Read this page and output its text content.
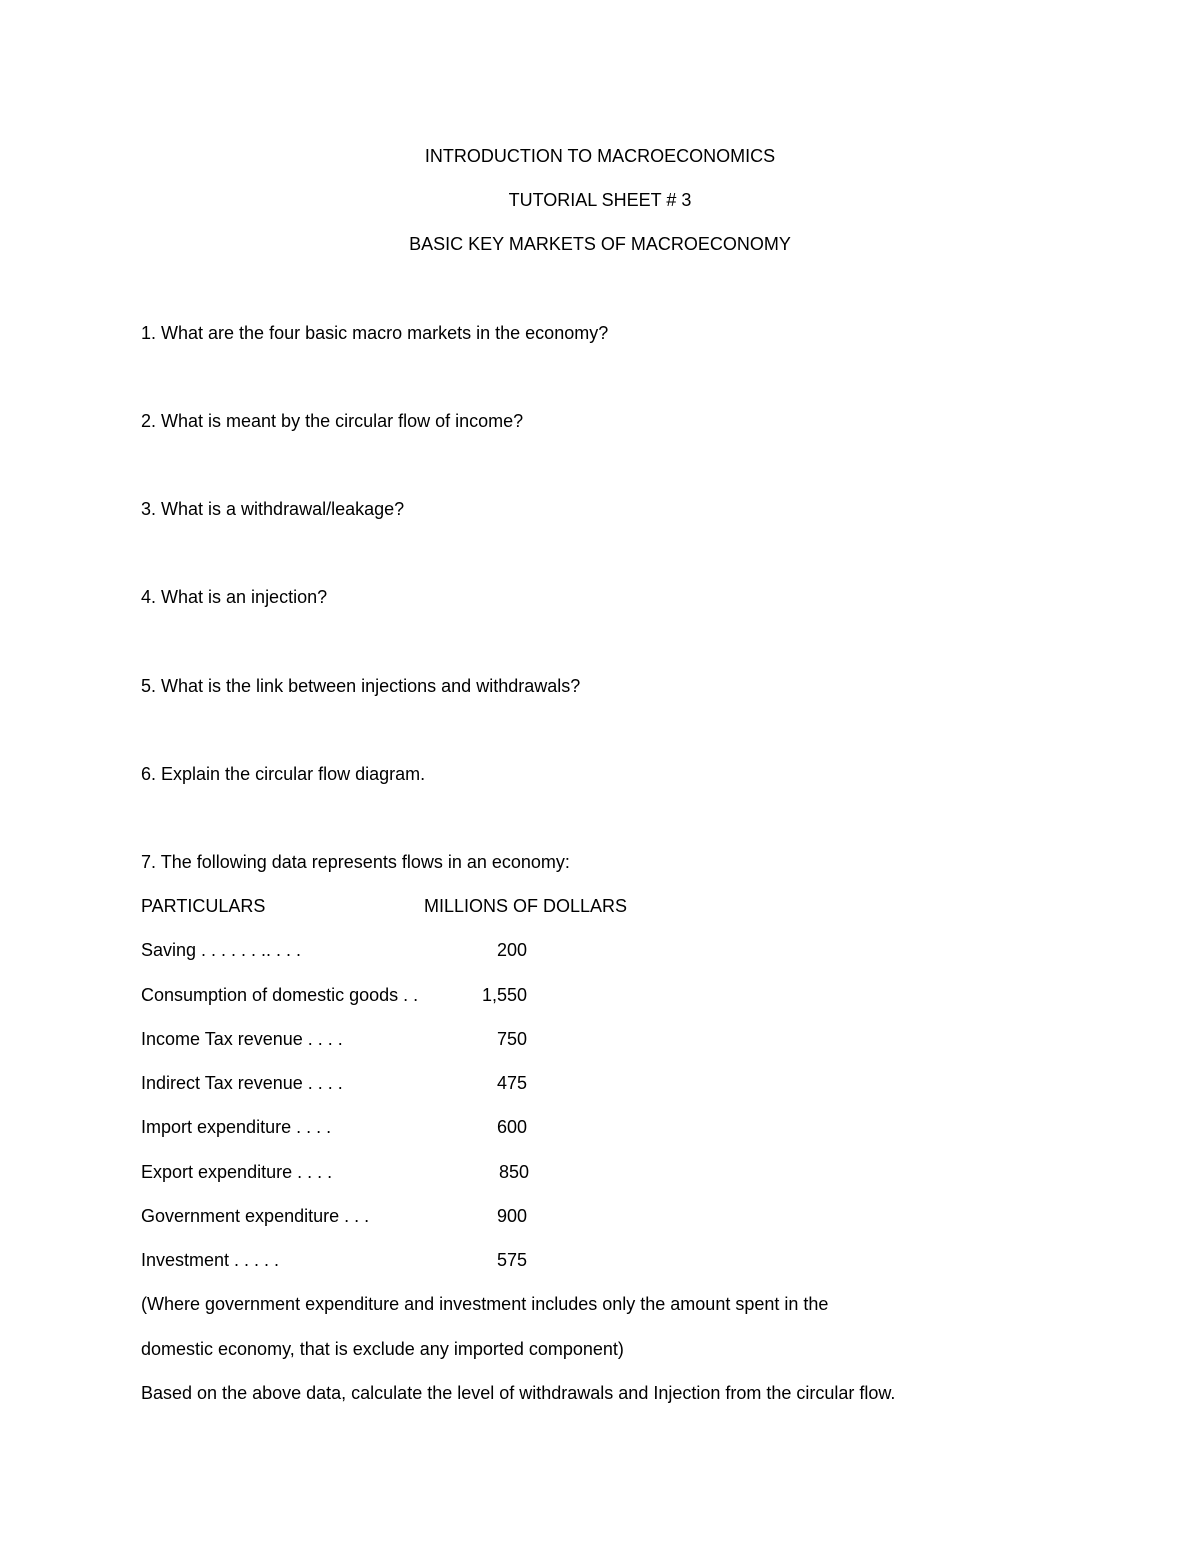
INTRODUCTION TO MACROECONOMICS
TUTORIAL SHEET # 3
BASIC KEY MARKETS OF MACROECONOMY
1. What are the four basic macro markets in the economy?
2. What is meant by the circular flow of income?
3. What is a withdrawal/leakage?
4. What is an injection?
5. What is the link between injections and withdrawals?
6. Explain the circular flow diagram.
7. The following data represents flows in an economy:
PARTICULARS	MILLIONS OF DOLLARS
Saving . . . . . . .. . . .	200
Consumption of domestic goods . .	1,550
Income Tax revenue . . . .	750
Indirect Tax revenue . . . .	475
Import expenditure . . . .	600
Export expenditure . . . .	850
Government expenditure . . .	900
Investment . . . . .	575
(Where government expenditure and investment includes only the amount spent in the
domestic economy, that is exclude any imported component)
Based on the above data, calculate the level of withdrawals and Injection from the circular flow.
